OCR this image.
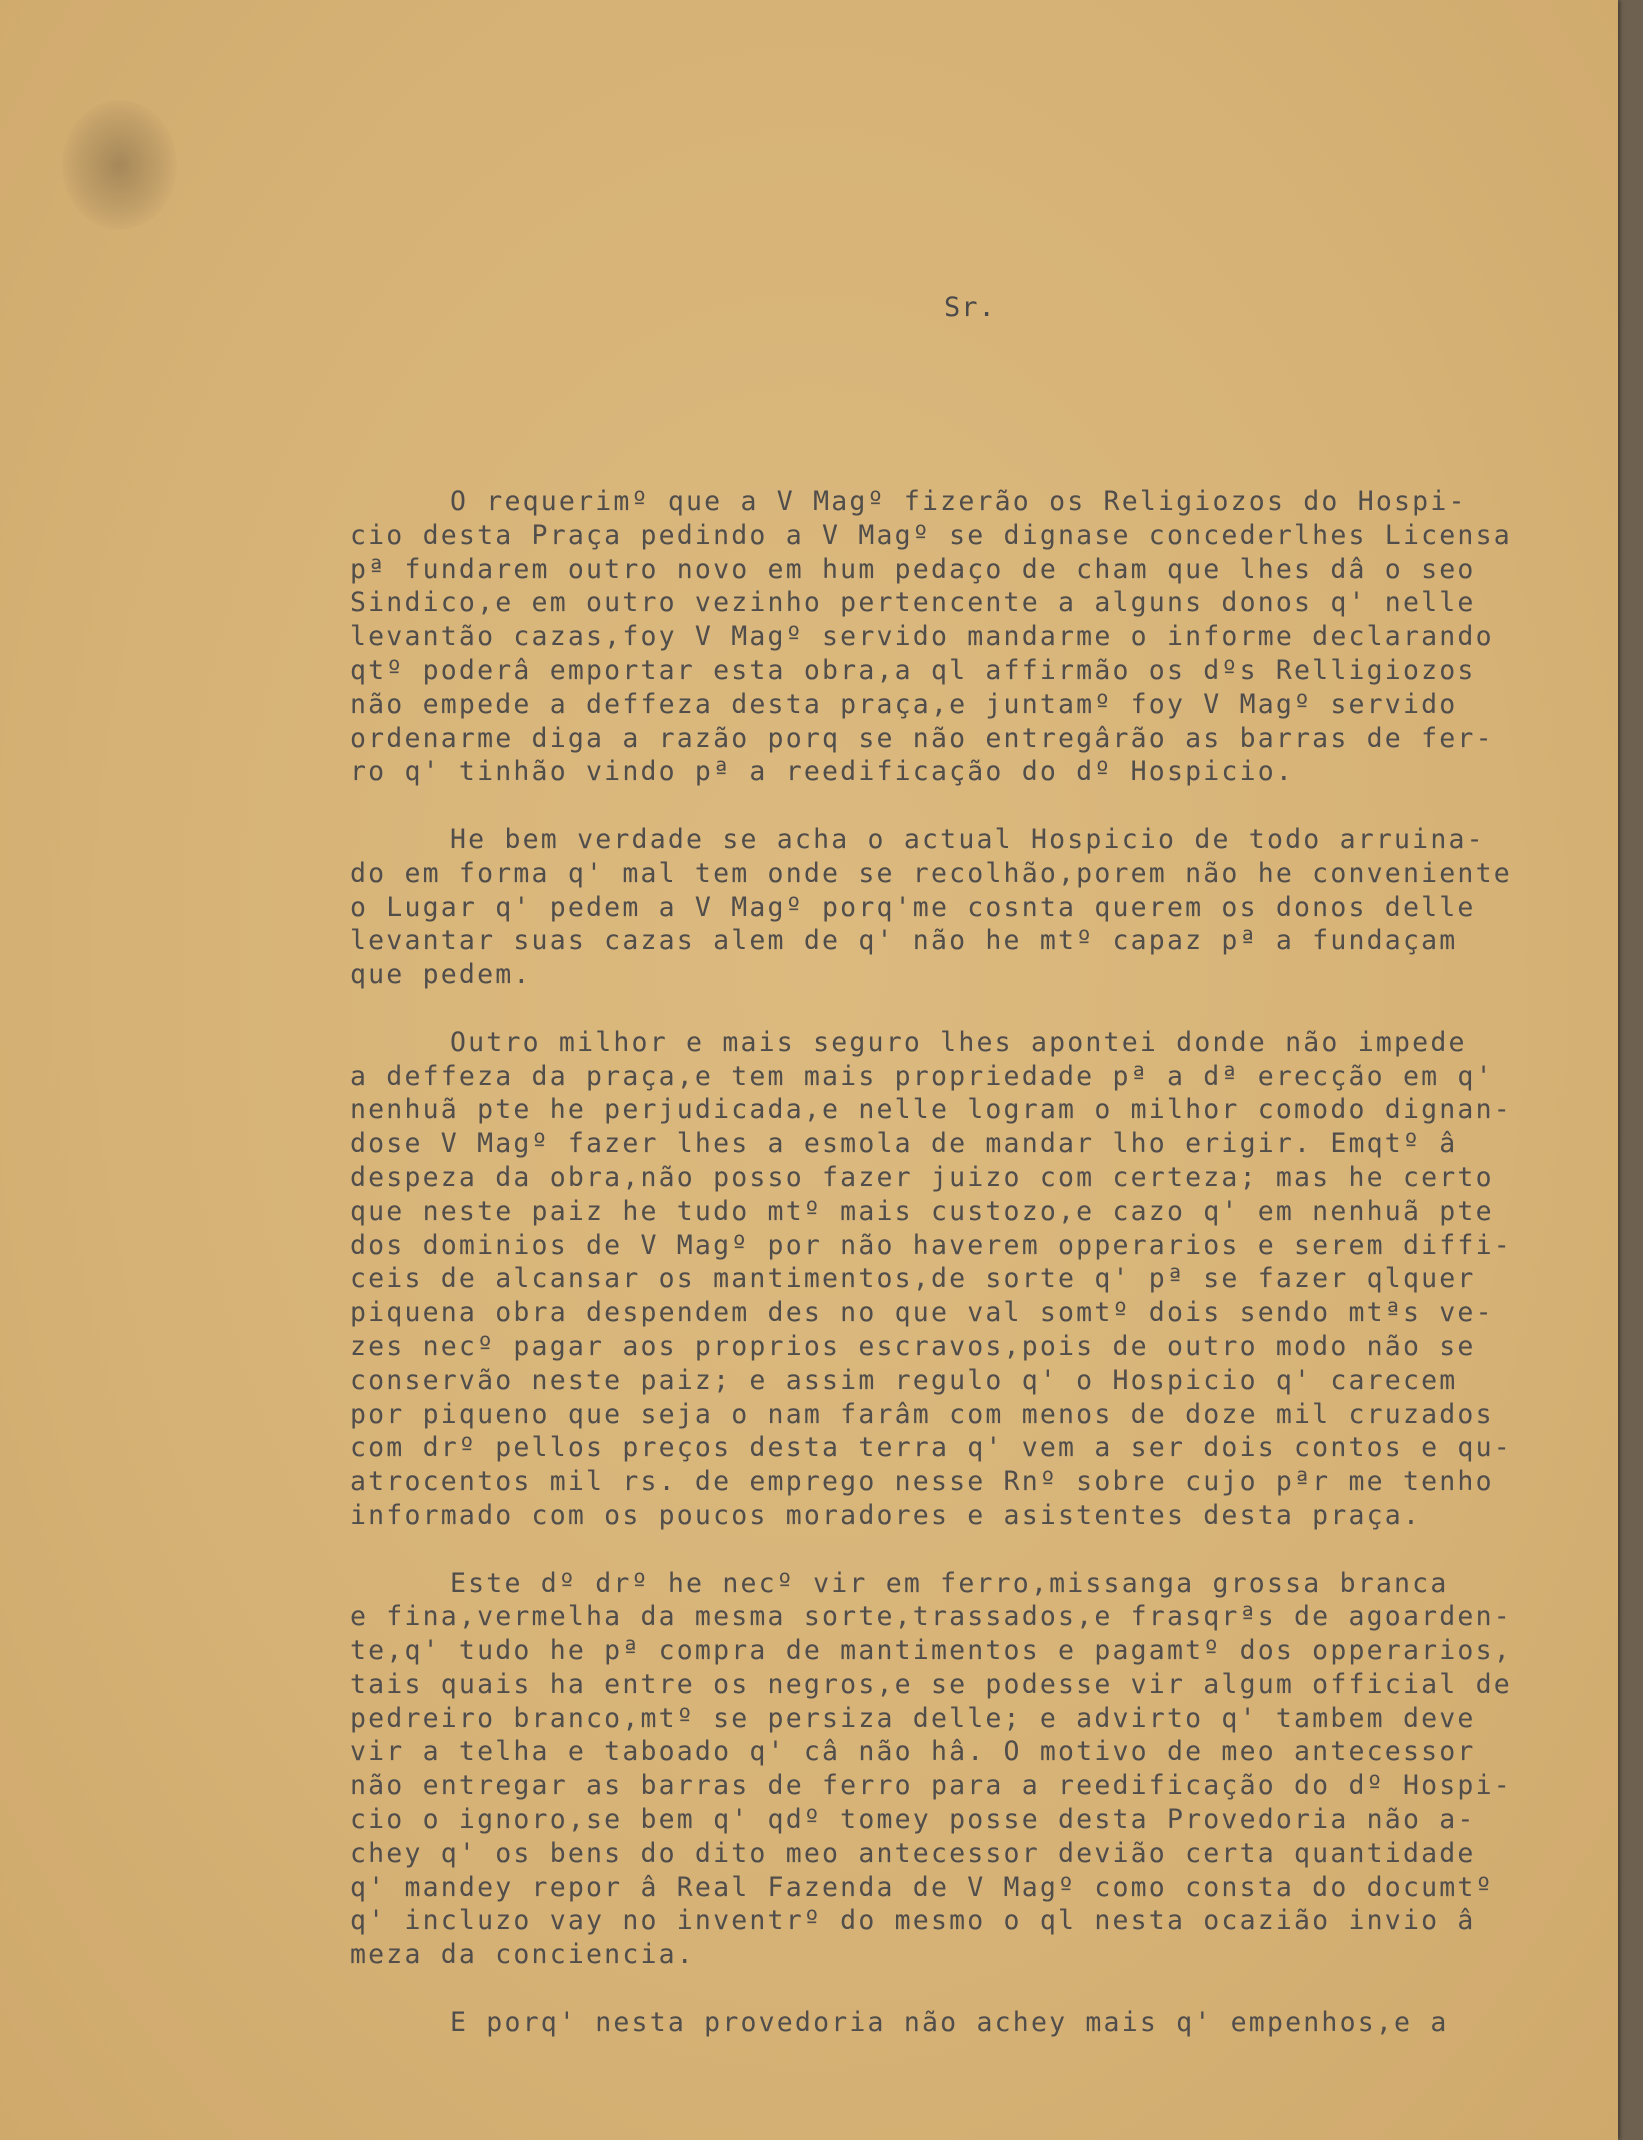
Sr.
O requerimº que a V Magº fizerão os Religiozos do Hospi-
cio desta Praça pedindo a V Magº se dignase concederlhes Licensa
pª fundarem outro novo em hum pedaço de cham que lhes dâ o seo
Sindico,e em outro vezinho pertencente a alguns donos q' nelle
levantão cazas,foy V Magº servido mandarme o informe declarando
qtº poderâ emportar esta obra,a ql affirmão os dºs Relligiozos
não empede a deffeza desta praça,e juntamº foy V Magº servido
ordenarme diga a razão porq se não entregârão as barras de fer-
ro q' tinhão vindo pª a reedificação do dº Hospicio.
He bem verdade se acha o actual Hospicio de todo arruina-
do em forma q' mal tem onde se recolhão,porem não he conveniente
o Lugar q' pedem a V Magº porq'me cosnta querem os donos delle
levantar suas cazas alem de q' não he mtº capaz pª a fundaçam
que pedem.
Outro milhor e mais seguro lhes apontei donde não impede
a deffeza da praça,e tem mais propriedade pª a dª erecção em q'
nenhuã pte he perjudicada,e nelle logram o milhor comodo dignan-
dose V Magº fazer lhes a esmola de mandar lho erigir. Emqtº â
despeza da obra,não posso fazer juizo com certeza; mas he certo
que neste paiz he tudo mtº mais custozo,e cazo q' em nenhuã pte
dos dominios de V Magº por não haverem opperarios e serem diffi-
ceis de alcansar os mantimentos,de sorte q' pª se fazer qlquer
piquena obra despendem des no que val somtº dois sendo mtªs ve-
zes necº pagar aos proprios escravos,pois de outro modo não se
conservão neste paiz; e assim regulo q' o Hospicio q' carecem
por piqueno que seja o nam farâm com menos de doze mil cruzados
com drº pellos preços desta terra q' vem a ser dois contos e qu-
atrocentos mil rs. de emprego nesse Rnº sobre cujo pªr me tenho
informado com os poucos moradores e asistentes desta praça.
Este dº drº he necº vir em ferro,missanga grossa branca
e fina,vermelha da mesma sorte,trassados,e frasqrªs de agoarden-
te,q' tudo he pª compra de mantimentos e pagamtº dos opperarios,
tais quais ha entre os negros,e se podesse vir algum official de
pedreiro branco,mtº se persiza delle; e advirto q' tambem deve
vir a telha e taboado q' câ não hâ. O motivo de meo antecessor
não entregar as barras de ferro para a reedificação do dº Hospi-
cio o ignoro,se bem q' qdº tomey posse desta Provedoria não a-
chey q' os bens do dito meo antecessor devião certa quantidade
q' mandey repor â Real Fazenda de V Magº como consta do documtº
q' incluzo vay no inventrº do mesmo o ql nesta ocazião invio â
meza da conciencia.
E porq' nesta provedoria não achey mais q' empenhos,e a
